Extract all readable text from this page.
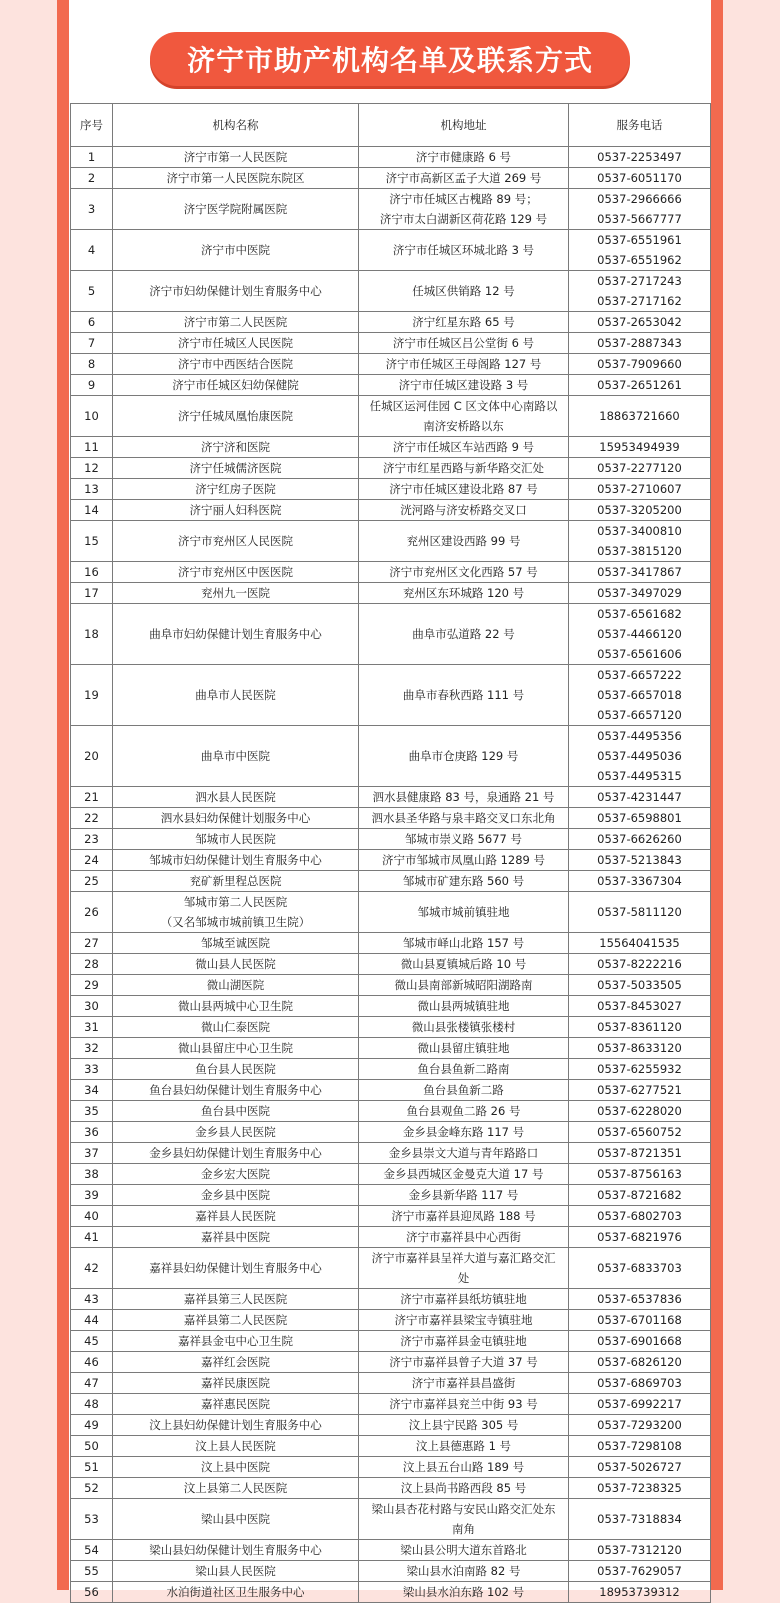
济宁市助产机构名单及联系方式
序号	机构名称	机构地址	服务电话
1	济宁市第一人民医院	济宁市健康路 6 号	0537-2253497
2	济宁市第一人民医院东院区	济宁市高新区孟子大道 269 号	0537-6051170
3	济宁医学院附属医院	济宁市任城区古槐路 89 号；
济宁市太白湖新区荷花路 129 号	0537-2966666
0537-5667777
4	济宁市中医院	济宁市任城区环城北路 3 号	0537-6551961
0537-6551962
5	济宁市妇幼保健计划生育服务中心	任城区供销路 12 号	0537-2717243
0537-2717162
6	济宁市第二人民医院	济宁红星东路 65 号	0537-2653042
7	济宁市任城区人民医院	济宁市任城区吕公堂街 6 号	0537-2887343
8	济宁市中西医结合医院	济宁市任城区王母阁路 127 号	0537-7909660
9	济宁市任城区妇幼保健院	济宁市任城区建设路 3 号	0537-2651261
10	济宁任城凤凰怡康医院	任城区运河佳园 C 区文体中心南路以
南济安桥路以东	18863721660
11	济宁济和医院	济宁市任城区车站西路 9 号	15953494939
12	济宁任城儒济医院	济宁市红星西路与新华路交汇处	0537-2277120
13	济宁红房子医院	济宁市任城区建设北路 87 号	0537-2710607
14	济宁丽人妇科医院	洸河路与济安桥路交叉口	0537-3205200
15	济宁市兖州区人民医院	兖州区建设西路 99 号	0537-3400810
0537-3815120
16	济宁市兖州区中医医院	济宁市兖州区文化西路 57 号	0537-3417867
17	兖州九一医院	兖州区东环城路 120 号	0537-3497029
18	曲阜市妇幼保健计划生育服务中心	曲阜市弘道路 22 号	0537-6561682
0537-4466120
0537-6561606
19	曲阜市人民医院	曲阜市春秋西路 111 号	0537-6657222
0537-6657018
0537-6657120
20	曲阜市中医院	曲阜市仓庚路 129 号	0537-4495356
0537-4495036
0537-4495315
21	泗水县人民医院	泗水县健康路 83 号，泉通路 21 号	0537-4231447
22	泗水县妇幼保健计划服务中心	泗水县圣华路与泉丰路交叉口东北角	0537-6598801
23	邹城市人民医院	邹城市崇义路 5677 号	0537-6626260
24	邹城市妇幼保健计划生育服务中心	济宁市邹城市凤凰山路 1289 号	0537-5213843
25	兖矿新里程总医院	邹城市矿建东路 560 号	0537-3367304
26	邹城市第二人民医院
（又名邹城市城前镇卫生院）	邹城市城前镇驻地	0537-5811120
27	邹城至诚医院	邹城市峄山北路 157 号	15564041535
28	微山县人民医院	微山县夏镇城后路 10 号	0537-8222216
29	微山湖医院	微山县南部新城昭阳湖路南	0537-5033505
30	微山县两城中心卫生院	微山县两城镇驻地	0537-8453027
31	微山仁泰医院	微山县张楼镇张楼村	0537-8361120
32	微山县留庄中心卫生院	微山县留庄镇驻地	0537-8633120
33	鱼台县人民医院	鱼台县鱼新二路南	0537-6255932
34	鱼台县妇幼保健计划生育服务中心	鱼台县鱼新二路	0537-6277521
35	鱼台县中医院	鱼台县观鱼二路 26 号	0537-6228020
36	金乡县人民医院	金乡县金峰东路 117 号	0537-6560752
37	金乡县妇幼保健计划生育服务中心	金乡县崇文大道与青年路路口	0537-8721351
38	金乡宏大医院	金乡县西城区金曼克大道 17 号	0537-8756163
39	金乡县中医院	金乡县新华路 117 号	0537-8721682
40	嘉祥县人民医院	济宁市嘉祥县迎凤路 188 号	0537-6802703
41	嘉祥县中医院	济宁市嘉祥县中心西街	0537-6821976
42	嘉祥县妇幼保健计划生育服务中心	济宁市嘉祥县呈祥大道与嘉汇路交汇
处	0537-6833703
43	嘉祥县第三人民医院	济宁市嘉祥县纸坊镇驻地	0537-6537836
44	嘉祥县第二人民医院	济宁市嘉祥县梁宝寺镇驻地	0537-6701168
45	嘉祥县金屯中心卫生院	济宁市嘉祥县金屯镇驻地	0537-6901668
46	嘉祥红会医院	济宁市嘉祥县曾子大道 37 号	0537-6826120
47	嘉祥民康医院	济宁市嘉祥县昌盛街	0537-6869703
48	嘉祥惠民医院	济宁市嘉祥县兖兰中街 93 号	0537-6992217
49	汶上县妇幼保健计划生育服务中心	汶上县宁民路 305 号	0537-7293200
50	汶上县人民医院	汶上县德惠路 1 号	0537-7298108
51	汶上县中医院	汶上县五台山路 189 号	0537-5026727
52	汶上县第二人民医院	汶上县尚书路西段 85 号	0537-7238325
53	梁山县中医院	梁山县杏花村路与安民山路交汇处东
南角	0537-7318834
54	梁山县妇幼保健计划生育服务中心	梁山县公明大道东首路北	0537-7312120
55	梁山县人民医院	梁山县水泊南路 82 号	0537-7629057
56	水泊街道社区卫生服务中心	梁山县水泊东路 102 号	18953739312
